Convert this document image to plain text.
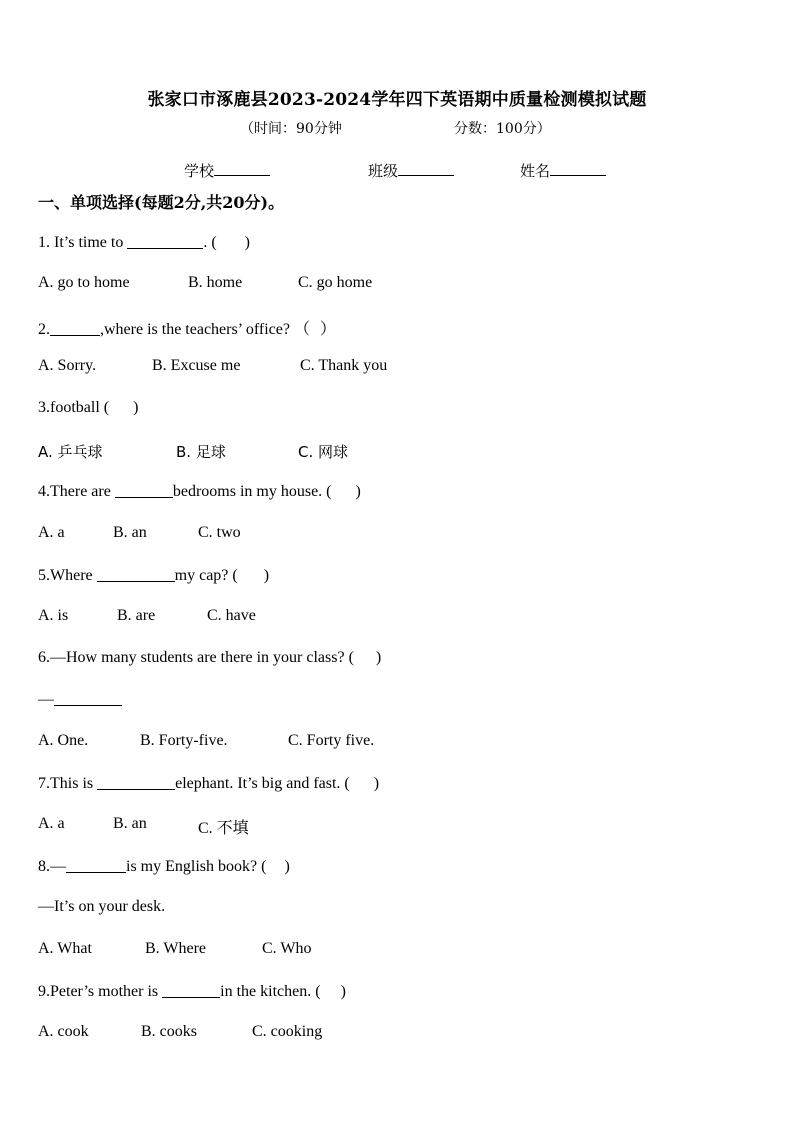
张家口市涿鹿县2023-2024学年四下英语期中质量检测模拟试题
（时间：90分钟	分数：100分）
学校	班级	姓名
一、单项选择(每题2分,共20分)。
1. It’s time to	. ( )
A. go to home	B. home	C. go home
2.	,where is the teachers’ office? （ ）
A. Sorry.	B. Excuse me	C. Thank you
3.football ( )
A. 乒乓球	B. 足球	C. 网球
4.There are	bedrooms in my house. ( )
A. a	B. an	C. two
5.Where	my cap? ( )
A. is	B. are	C. have
6.—How many students are there in your class? ( )
—
A. One.	B. Forty-five.	C. Forty five.
7.This is	elephant. It’s big and fast. ( )
A. a	B. an	C. 不填
8.—	is my English book? ( )
—It’s on your desk.
A. What	B. Where	C. Who
9.Peter’s mother is	in the kitchen. ( )
A. cook	B. cooks	C. cooking
